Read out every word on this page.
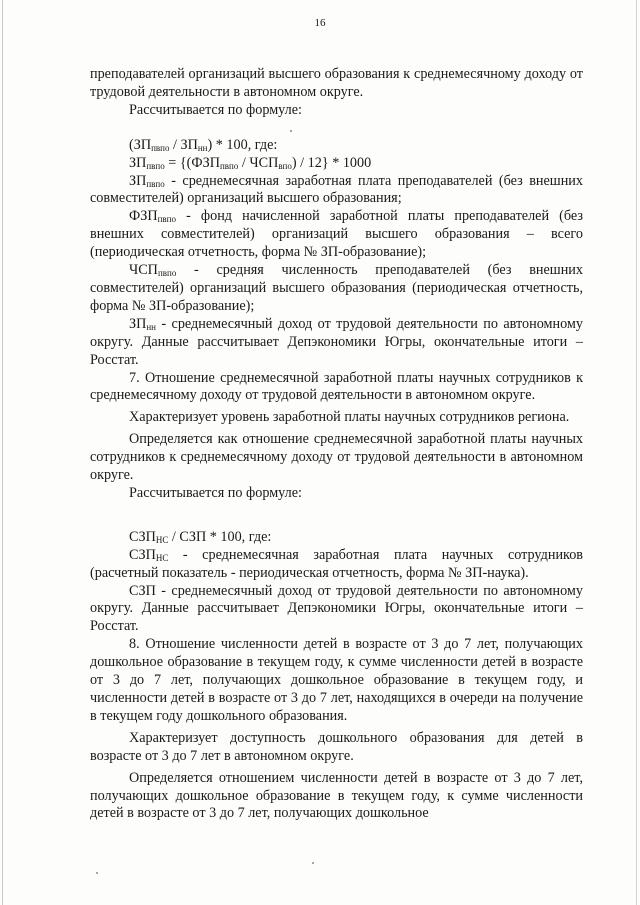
16

преподавателей организаций высшего образования к среднемесячному доходу от трудовой деятельности в автономном округе.

Рассчитывается по формуле:

$(ЗП_{пвпо} / ЗП_{нн}) * 100$, где:

$ЗП_{пвпо} = \{(ФЗП_{пвпо} / ЧСП_{впо}) / 12\} * 1000$

$ЗП_{пвпо}$ - среднемесячная заработная плата преподавателей (без внешних совместителей) организаций высшего образования;

$ФЗП_{пвпо}$ - фонд начисленной заработной платы преподавателей (без внешних совместителей) организаций высшего образования – всего (периодическая отчетность, форма № ЗП-образование);

$ЧСП_{пвпо}$ - средняя численность преподавателей (без внешних совместителей) организаций высшего образования (периодическая отчетность, форма № ЗП-образование);

$ЗП_{нн}$ - среднемесячный доход от трудовой деятельности по автономному округу. Данные рассчитывает Депэкономики Югры, окончательные итоги – Росстат.

7. Отношение среднемесячной заработной платы научных сотрудников к среднемесячному доходу от трудовой деятельности в автономном округе.

Характеризует уровень заработной платы научных сотрудников региона.

Определяется как отношение среднемесячной заработной платы научных сотрудников к среднемесячному доходу от трудовой деятельности в автономном округе.

Рассчитывается по формуле:

$СЗП_{НС}$ / СЗП * 100, где:

$СЗП_{НС}$ - среднемесячная заработная плата научных сотрудников (расчетный показатель - периодическая отчетность, форма № ЗП-наука).

СЗП - среднемесячный доход от трудовой деятельности по автономному округу. Данные рассчитывает Депэкономики Югры, окончательные итоги – Росстат.

8. Отношение численности детей в возрасте от 3 до 7 лет, получающих дошкольное образование в текущем году, к сумме численности детей в возрасте от 3 до 7 лет, получающих дошкольное образование в текущем году, и численности детей в возрасте от 3 до 7 лет, находящихся в очереди на получение в текущем году дошкольного образования.

Характеризует доступность дошкольного образования для детей в возрасте от 3 до 7 лет в автономном округе.

Определяется отношением численности детей в возрасте от 3 до 7 лет, получающих дошкольное образование в текущем году, к сумме численности детей в возрасте от 3 до 7 лет, получающих дошкольное
